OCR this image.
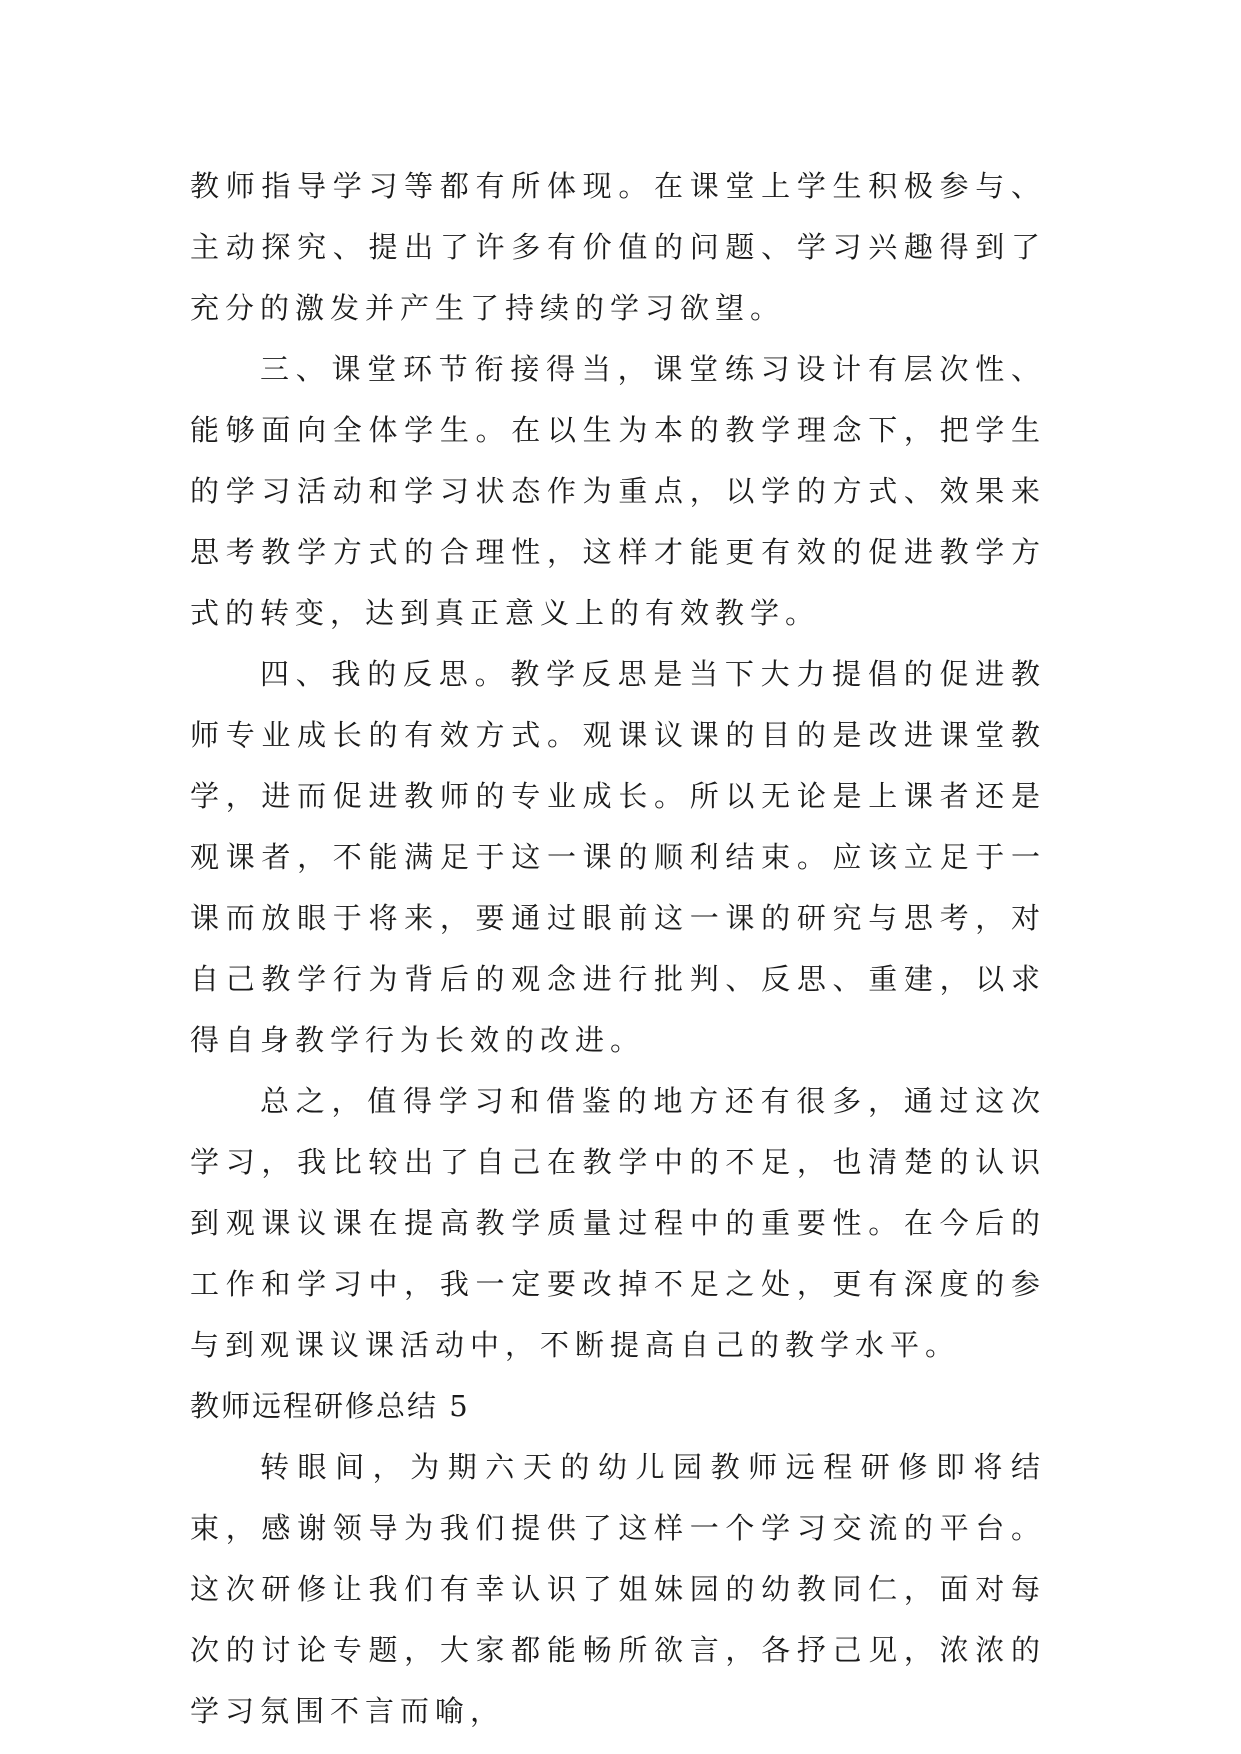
教师指导学习等都有所体现。在课堂上学生积极参与、主动探究、提出了许多有价值的问题、学习兴趣得到了充分的激发并产生了持续的学习欲望。

三、课堂环节衔接得当，课堂练习设计有层次性、能够面向全体学生。在以生为本的教学理念下，把学生的学习活动和学习状态作为重点，以学的方式、效果来思考教学方式的合理性，这样才能更有效的促进教学方式的转变，达到真正意义上的有效教学。

四、我的反思。教学反思是当下大力提倡的促进教师专业成长的有效方式。观课议课的目的是改进课堂教学，进而促进教师的专业成长。所以无论是上课者还是观课者，不能满足于这一课的顺利结束。应该立足于一课而放眼于将来，要通过眼前这一课的研究与思考，对自己教学行为背后的观念进行批判、反思、重建，以求得自身教学行为长效的改进。

总之，值得学习和借鉴的地方还有很多，通过这次学习，我比较出了自己在教学中的不足，也清楚的认识到观课议课在提高教学质量过程中的重要性。在今后的工作和学习中，我一定要改掉不足之处，更有深度的参与到观课议课活动中，不断提高自己的教学水平。

教师远程研修总结 5

转眼间，为期六天的幼儿园教师远程研修即将结束，感谢领导为我们提供了这样一个学习交流的平台。这次研修让我们有幸认识了姐妹园的幼教同仁，面对每次的讨论专题，大家都能畅所欲言，各抒己见，浓浓的学习氛围不言而喻，
